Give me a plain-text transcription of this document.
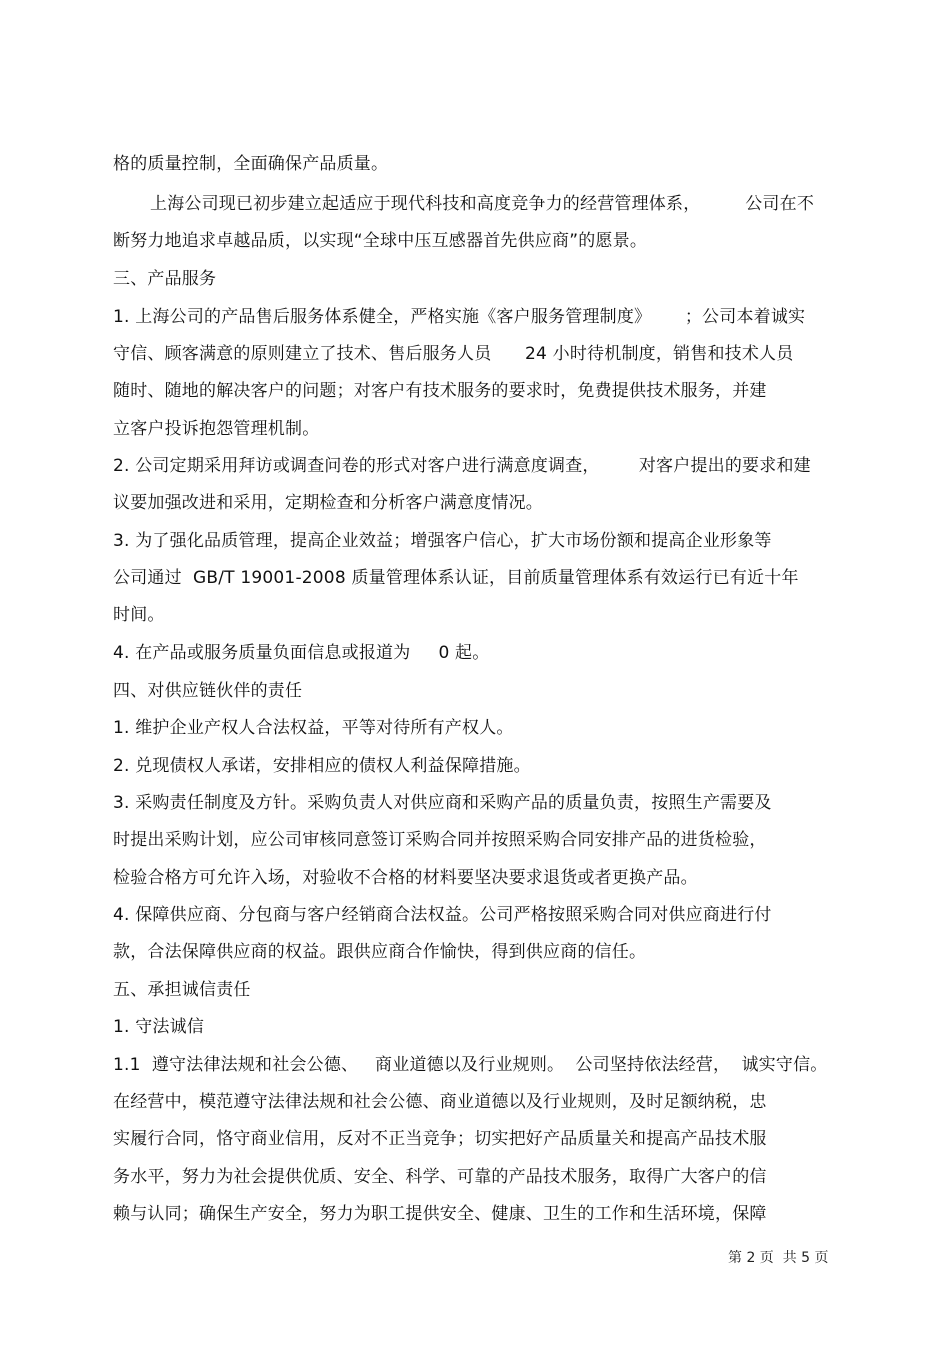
格的质量控制，全面确保产品质量。
上海公司现已初步建立起适应于现代科技和高度竞争力的经营管理体系，        公司在不
断努力地追求卓越品质，以实现“全球中压互感器首先供应商”的愿景。
三、产品服务
1. 上海公司的产品售后服务体系健全，严格实施《客户服务管理制度》      ；公司本着诚实
守信、顾客满意的原则建立了技术、售后服务人员      24 小时待机制度，销售和技术人员
随时、随地的解决客户的问题；对客户有技术服务的要求时，免费提供技术服务，并建
立客户投诉抱怨管理机制。
2. 公司定期采用拜访或调查问卷的形式对客户进行满意度调查，       对客户提出的要求和建
议要加强改进和采用，定期检查和分析客户满意度情况。
3. 为了强化品质管理，提高企业效益；增强客户信心，扩大市场份额和提高企业形象等
公司通过  GB/T 19001-2008 质量管理体系认证，目前质量管理体系有效运行已有近十年
时间。
4. 在产品或服务质量负面信息或报道为     0 起。
四、对供应链伙伴的责任
1. 维护企业产权人合法权益，平等对待所有产权人。
2. 兑现债权人承诺，安排相应的债权人利益保障措施。
3. 采购责任制度及方针。采购负责人对供应商和采购产品的质量负责，按照生产需要及
时提出采购计划，应公司审核同意签订采购合同并按照采购合同安排产品的进货检验，
检验合格方可允许入场，对验收不合格的材料要坚决要求退货或者更换产品。
4. 保障供应商、分包商与客户经销商合法权益。公司严格按照采购合同对供应商进行付
款，合法保障供应商的权益。跟供应商合作愉快，得到供应商的信任。
五、承担诚信责任
1. 守法诚信
1.1  遵守法律法规和社会公德、   商业道德以及行业规则。  公司坚持依法经营，  诚实守信。
在经营中，模范遵守法律法规和社会公德、商业道德以及行业规则，及时足额纳税，忠
实履行合同，恪守商业信用，反对不正当竞争；切实把好产品质量关和提高产品技术服
务水平，努力为社会提供优质、安全、科学、可靠的产品技术服务，取得广大客户的信
赖与认同；确保生产安全，努力为职工提供安全、健康、卫生的工作和生活环境，保障
第 2 页  共 5 页
